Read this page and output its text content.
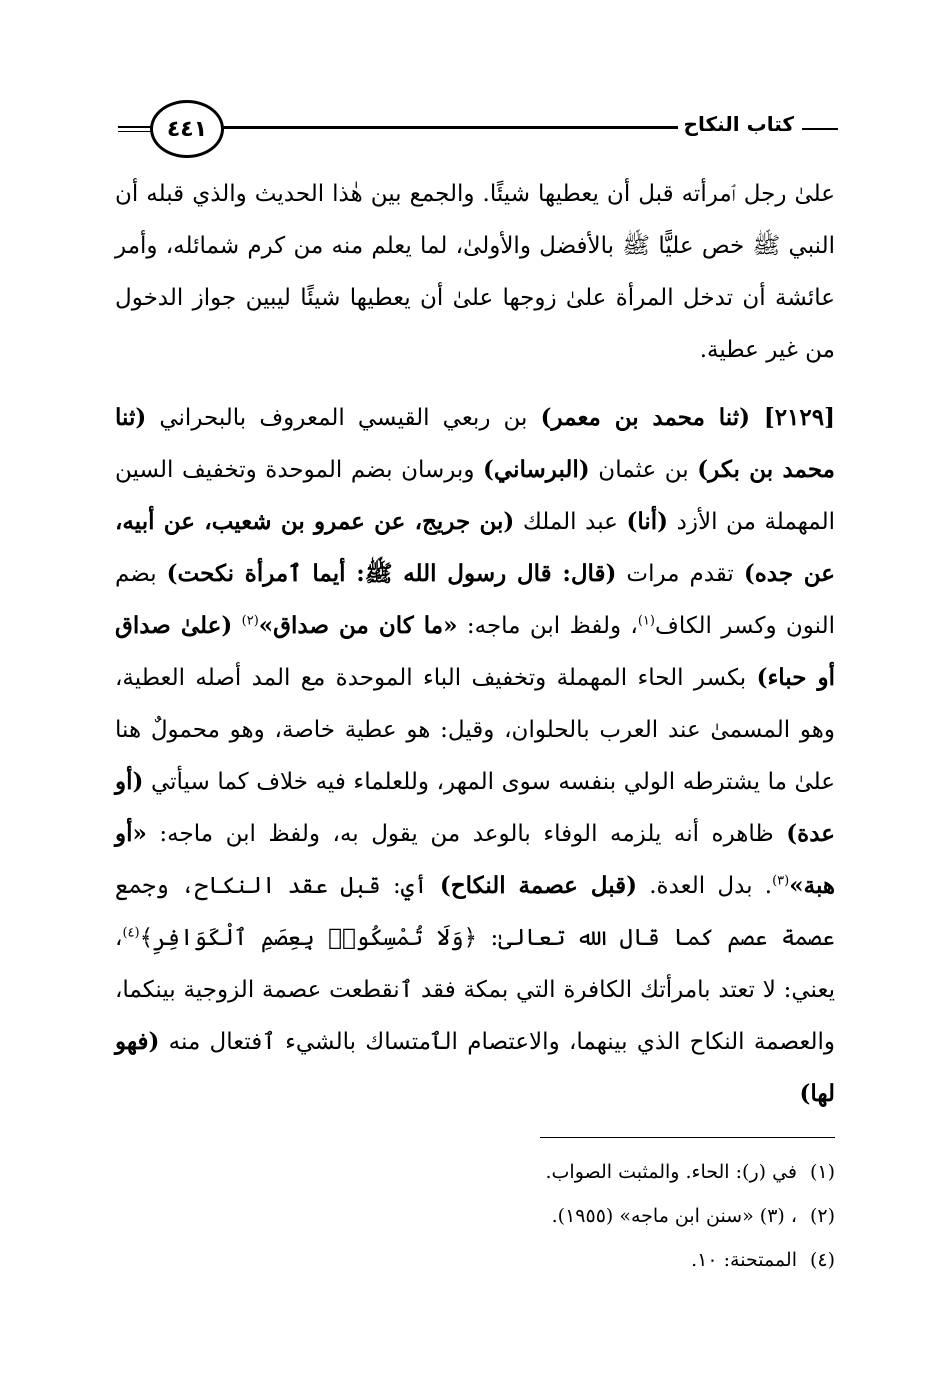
٤٤١	كتاب النكاح

علىٰ رجل ٱمرأته قبل أن يعطيها شيئًا. والجمع بين هٰذا الحديث والذي قبله أن النبي ﷺ خص عليًّا ﷺ بالأفضل والأولىٰ، لما يعلم منه من كرم شمائله، وأمر عائشة أن تدخل المرأة علىٰ زوجها علىٰ أن يعطيها شيئًا ليبين جواز الدخول من غير عطية.

[٢١٢٩] (ثنا محمد بن معمر) بن ربعي القيسي المعروف بالبحراني (ثنا محمد بن بكر) بن عثمان (البرساني) وبرسان بضم الموحدة وتخفيف السين المهملة من الأزد (أنا) عبد الملك (بن جريج، عن عمرو بن شعيب، عن أبيه، عن جده) تقدم مرات (قال: قال رسول الله ﷺ: أيما ٱمرأة نكحت) بضم النون وكسر الكاف$^{(١)}$، ولفظ ابن ماجه: «ما كان من صداق»$^{(٢)}$ (علىٰ صداق أو حباء) بكسر الحاء المهملة وتخفيف الباء الموحدة مع المد أصله العطية، وهو المسمىٰ عند العرب بالحلوان، وقيل: هو عطية خاصة، وهو محمولٌ هنا علىٰ ما يشترطه الولي بنفسه سوى المهر، وللعلماء فيه خلاف كما سيأتي (أو عدة) ظاهره أنه يلزمه الوفاء بالوعد من يقول به، ولفظ ابن ماجه: «أو هبة»$^{(٣)}$. بدل العدة. (قبل عصمة النكاح) أي: قبل عقد النكاح، وجمع عصمة عصم كما قال الله تعالىٰ: ﴿وَلَا تُمْسِكُوا۟ بِعِصَمِ ٱلْكَوَافِرِ﴾$^{(٤)}$، يعني: لا تعتد بامرأتك الكافرة التي بمكة فقد ٱنقطعت عصمة الزوجية بينكما، والعصمة النكاح الذي بينهما، والاعتصام الٱمتساك بالشيء ٱفتعال منه (فهو لها)

(١)
في (ر): الحاء. والمثبت الصواب.
(٢)
، (٣) «سنن ابن ماجه» (١٩٥٥).
(٤)
الممتحنة: ١٠.
